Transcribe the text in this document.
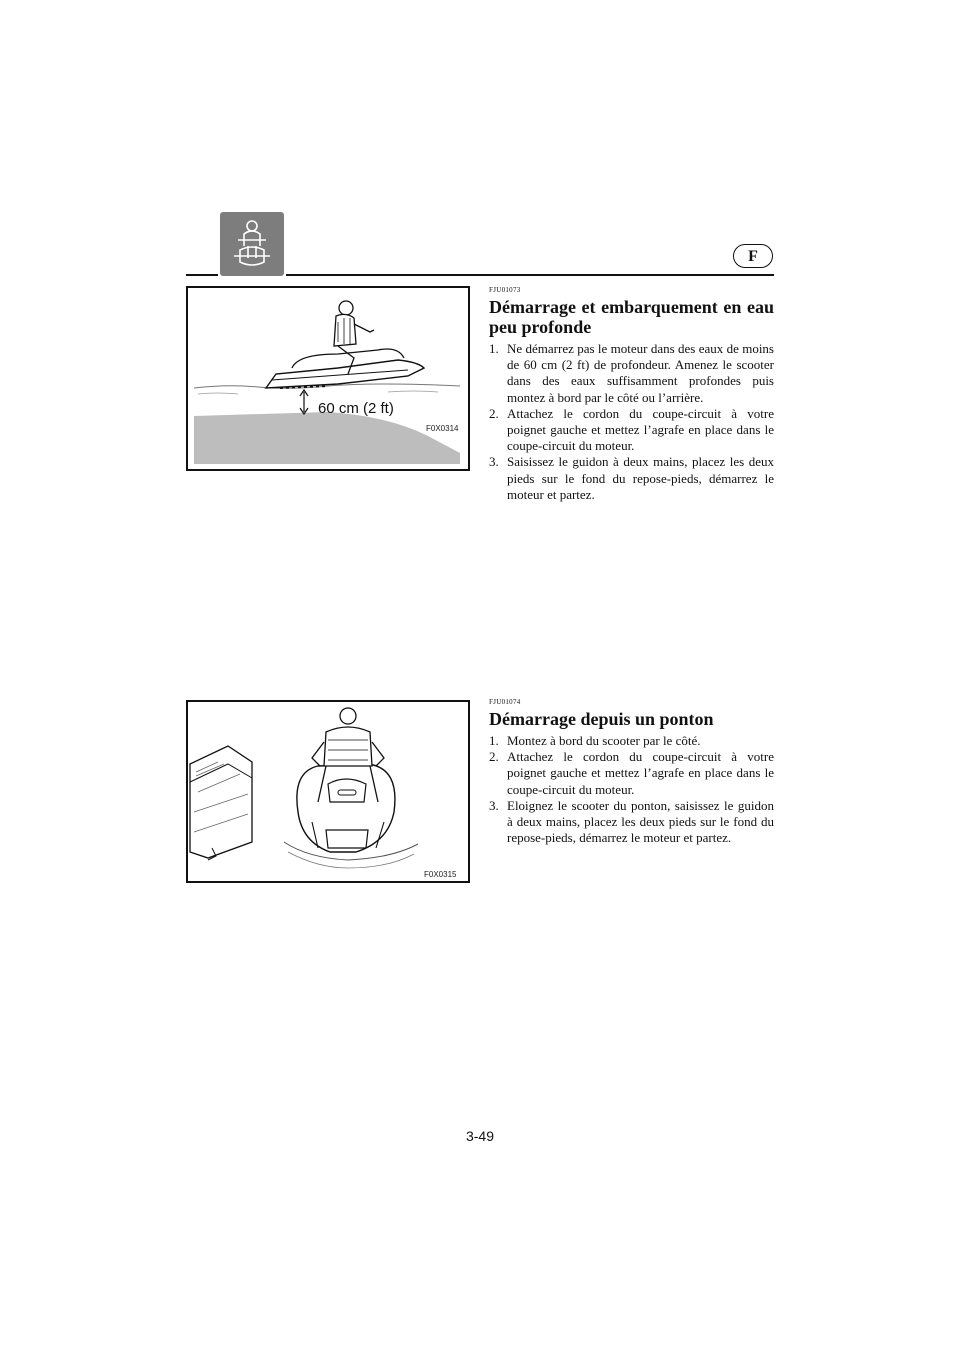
F
60 cm (2 ft)
F0X0314
FJU01073
Démarrage et embarquement en eau peu profonde
1. Ne démarrez pas le moteur dans des eaux de moins de 60 cm (2 ft) de profondeur. Amenez le scooter dans des eaux suffisamment profondes puis montez à bord par le côté ou l’arrière.
2. Attachez le cordon du coupe-circuit à votre poignet gauche et mettez l’agrafe en place dans le coupe-circuit du moteur.
3. Saisissez le guidon à deux mains, placez les deux pieds sur le fond du repose-pieds, démarrez le moteur et partez.
F0X0315
FJU01074
Démarrage depuis un ponton
1. Montez à bord du scooter par le côté.
2. Attachez le cordon du coupe-circuit à votre poignet gauche et mettez l’agrafe en place dans le coupe-circuit du moteur.
3. Eloignez le scooter du ponton, saisissez le guidon à deux mains, placez les deux pieds sur le fond du repose-pieds, démarrez le moteur et partez.
3-49
